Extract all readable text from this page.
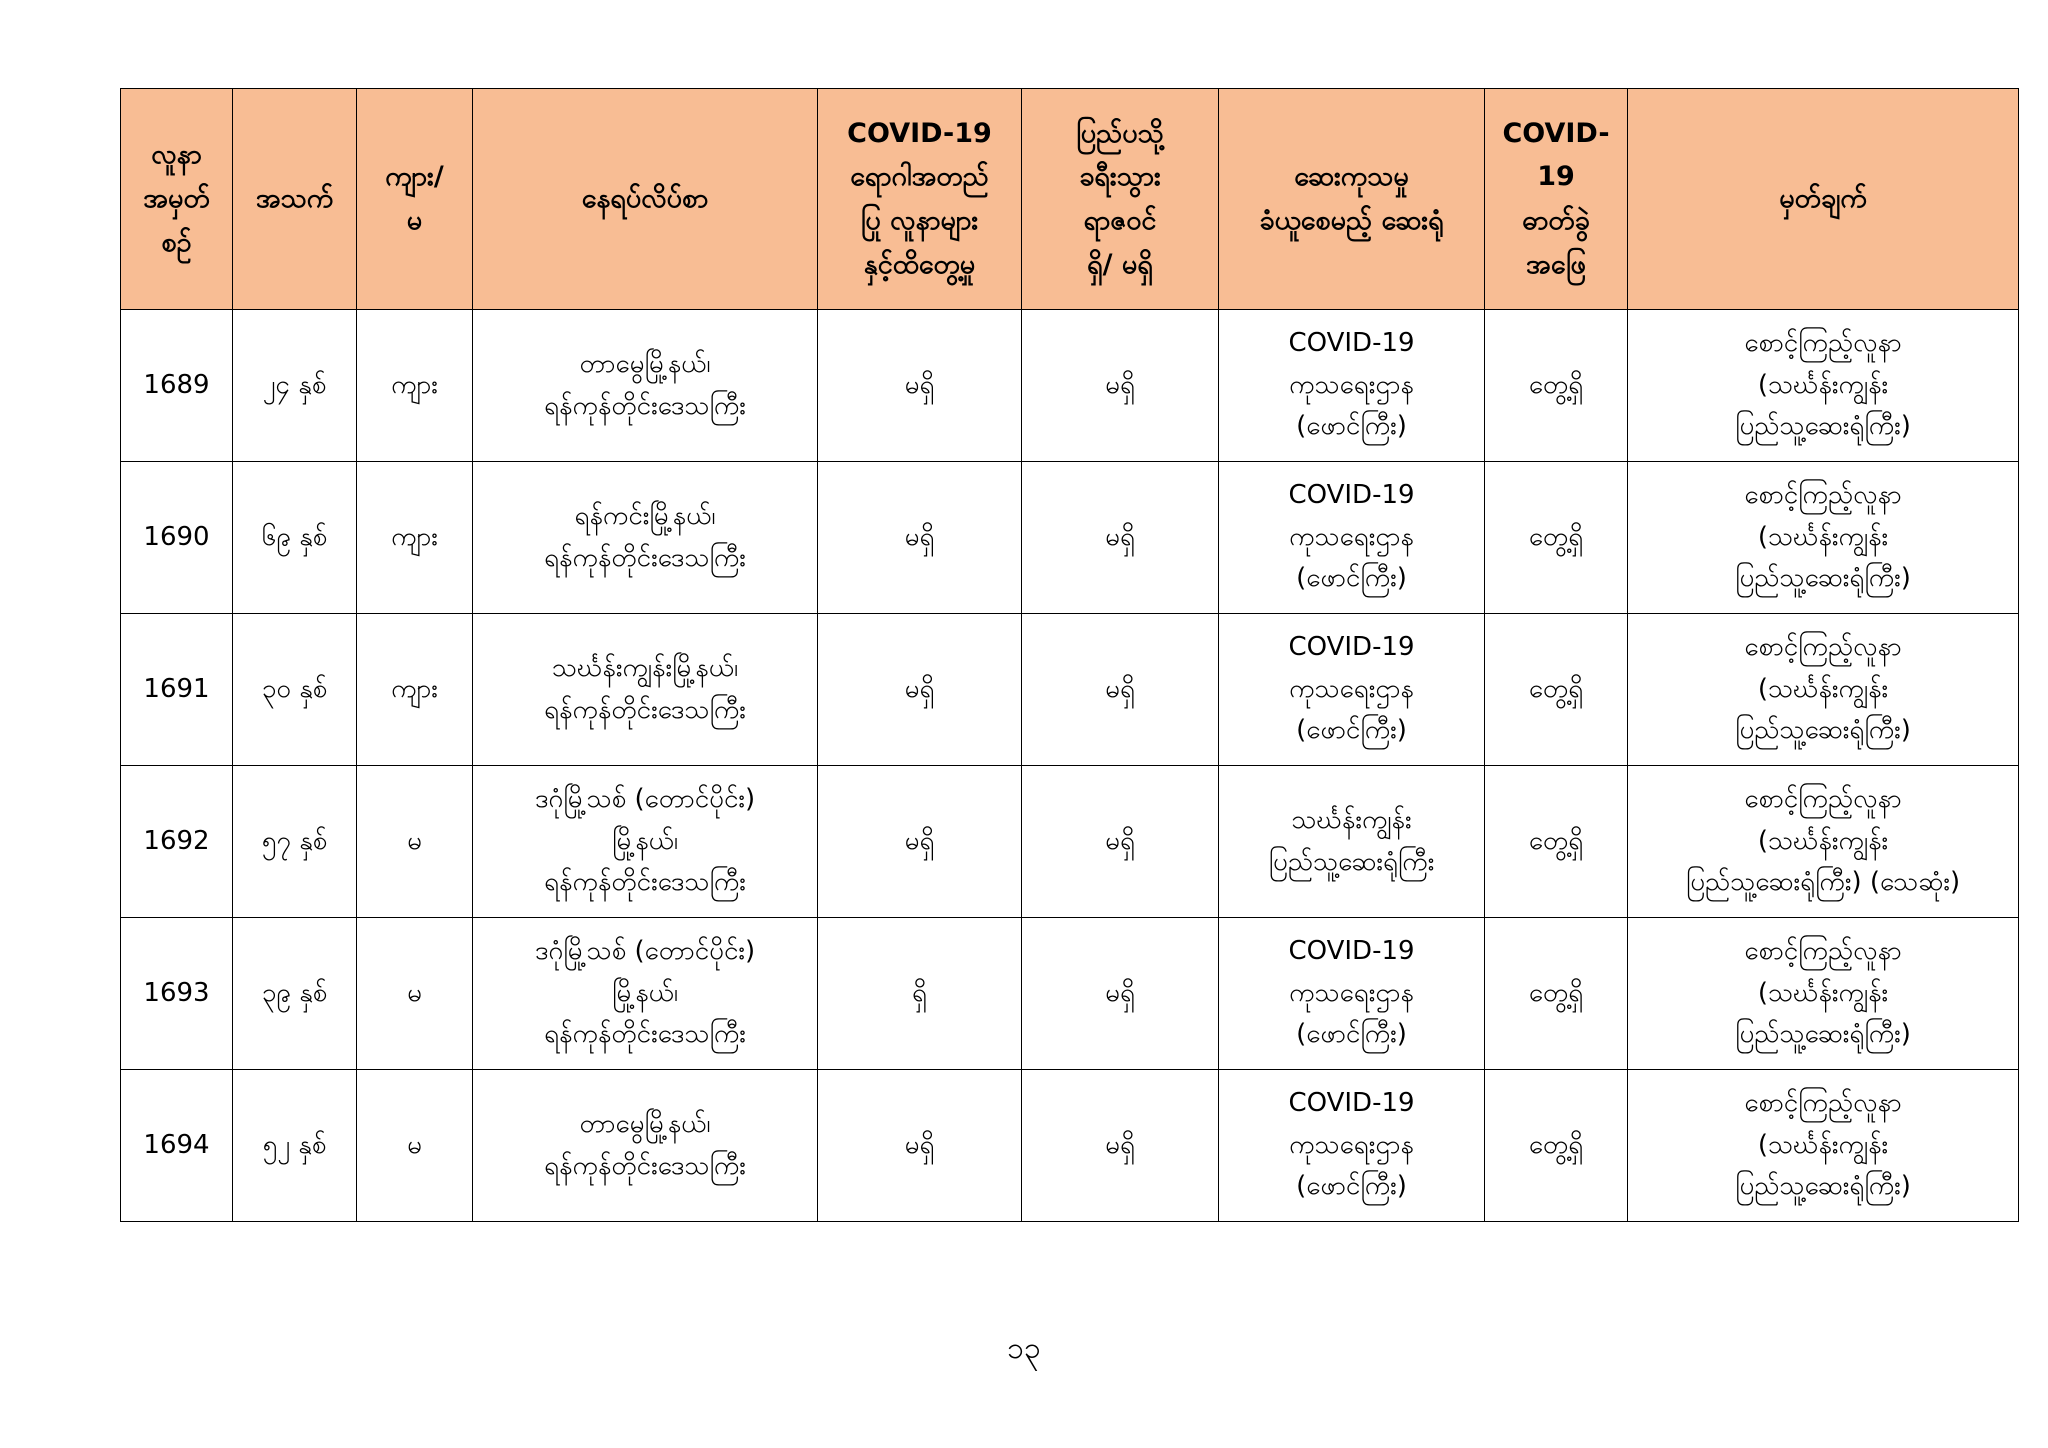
လူနာ
အမှတ်
စဉ်	အသက်	ကျား/
မ	နေရပ်လိပ်စာ	COVID-19
ရောဂါအတည်
ပြု လူနာများ
နှင့်ထိတွေ့မှု	ပြည်ပသို့
ခရီးသွား
ရာဇဝင်
ရှိ/ မရှိ	ဆေးကုသမှု
ခံယူစေမည့် ဆေးရုံ	COVID-
19
ဓာတ်ခွဲ
အဖြေ	မှတ်ချက်

1689	၂၄ နှစ်	ကျား	တာမွေမြို့နယ်၊
ရန်ကုန်တိုင်းဒေသကြီး	မရှိ	မရှိ	COVID-19
ကုသရေးဌာန
(ဖောင်ကြီး)	တွေ့ရှိ	စောင့်ကြည့်လူနာ
(သင်္ဃန်းကျွန်း
ပြည်သူ့ဆေးရုံကြီး)

1690	၆၉ နှစ်	ကျား	ရန်ကင်းမြို့နယ်၊
ရန်ကုန်တိုင်းဒေသကြီး	မရှိ	မရှိ	COVID-19
ကုသရေးဌာန
(ဖောင်ကြီး)	တွေ့ရှိ	စောင့်ကြည့်လူနာ
(သင်္ဃန်းကျွန်း
ပြည်သူ့ဆေးရုံကြီး)

1691	၃၀ နှစ်	ကျား	သင်္ဃန်းကျွန်းမြို့နယ်၊
ရန်ကုန်တိုင်းဒေသကြီး	မရှိ	မရှိ	COVID-19
ကုသရေးဌာန
(ဖောင်ကြီး)	တွေ့ရှိ	စောင့်ကြည့်လူနာ
(သင်္ဃန်းကျွန်း
ပြည်သူ့ဆေးရုံကြီး)

1692	၅၇ နှစ်	မ	ဒဂုံမြို့သစ် (တောင်ပိုင်း)
မြို့နယ်၊
ရန်ကုန်တိုင်းဒေသကြီး	မရှိ	မရှိ	သင်္ဃန်းကျွန်း
ပြည်သူ့ဆေးရုံကြီး	တွေ့ရှိ	စောင့်ကြည့်လူနာ
(သင်္ဃန်းကျွန်း
ပြည်သူ့ဆေးရုံကြီး) (သေဆုံး)

1693	၃၉ နှစ်	မ	ဒဂုံမြို့သစ် (တောင်ပိုင်း)
မြို့နယ်၊
ရန်ကုန်တိုင်းဒေသကြီး	ရှိ	မရှိ	COVID-19
ကုသရေးဌာန
(ဖောင်ကြီး)	တွေ့ရှိ	စောင့်ကြည့်လူနာ
(သင်္ဃန်းကျွန်း
ပြည်သူ့ဆေးရုံကြီး)

1694	၅၂ နှစ်	မ	တာမွေမြို့နယ်၊
ရန်ကုန်တိုင်းဒေသကြီး	မရှိ	မရှိ	COVID-19
ကုသရေးဌာန
(ဖောင်ကြီး)	တွေ့ရှိ	စောင့်ကြည့်လူနာ
(သင်္ဃန်းကျွန်း
ပြည်သူ့ဆေးရုံကြီး)
၁၃
